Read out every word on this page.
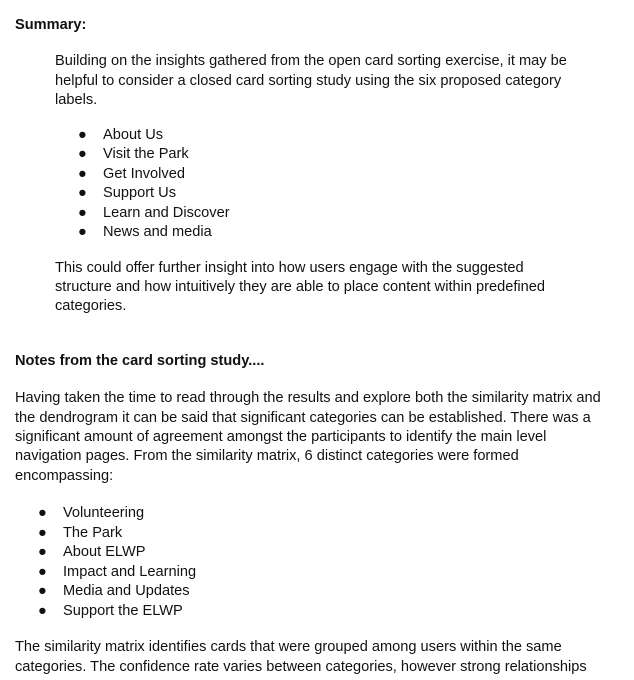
Summary:

Building on the insights gathered from the open card sorting exercise, it may be helpful to consider a closed card sorting study using the six proposed category labels.

● About Us
● Visit the Park
● Get Involved
● Support Us
● Learn and Discover
● News and media

This could offer further insight into how users engage with the suggested structure and how intuitively they are able to place content within predefined categories.

Notes from the card sorting study....

Having taken the time to read through the results and explore both the similarity matrix and the dendrogram it can be said that significant categories can be established. There was a significant amount of agreement amongst the participants to identify the main level navigation pages. From the similarity matrix, 6 distinct categories were formed encompassing:

● Volunteering
● The Park
● About ELWP
● Impact and Learning
● Media and Updates
● Support the ELWP

The similarity matrix identifies cards that were grouped among users within the same categories. The confidence rate varies between categories, however strong relationships
